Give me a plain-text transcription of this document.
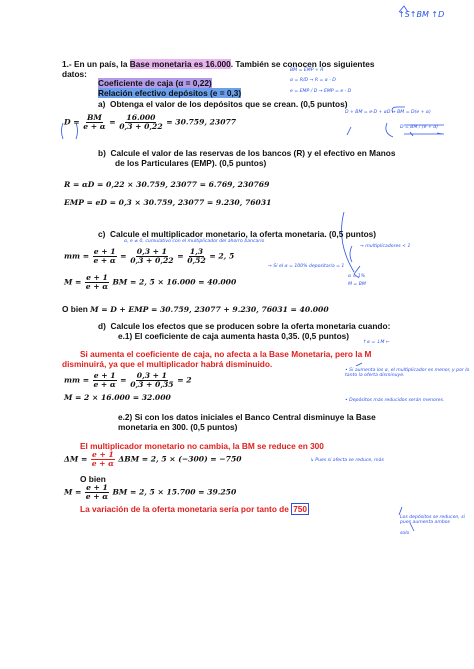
↑S↑BM ↑D
1.- En un país, la Base monetaria es 16.000. También se conocen los siguientes
datos:
Coeficiente de caja (α = 0,22)
Relación efectivo depósitos (e = 0,3)
a) Obtenga el valor de los depósitos que se crean. (0,5 puntos)
$D = \frac{BM}{e + \alpha} = \frac{16.000}{0,3 + 0,22} = 30.759$, 23077
b) Calcule el valor de las reservas de los bancos (R) y el efectivo en Manos
de los Particulares (EMP). (0,5 puntos)
R = αD = 0,22 × 30.759, 23077 = 6.769, 230769
EMP = eD = 0,3 × 30.759, 23077 = 9.230, 76031
c) Calcule el multiplicador monetario, la oferta monetaria. (0,5 puntos)
mm = $\frac{e + 1}{e + \alpha} = \frac{0,3 + 1}{0,3 + 0,22} = \frac{1,3}{0,52} = 2$, 5
$M = \frac{e + 1}{e + \alpha}$ BM = 2, 5 × 16.000 = 40.000
O bien M = D + EMP = 30.759, 23077 + 9.230, 76031 = 40.000
d) Calcule los efectos que se producen sobre la oferta monetaria cuando:
e.1) El coeficiente de caja aumenta hasta 0,35. (0,5 puntos)
Si aumenta el coeficiente de caja, no afecta a la Base Monetaria, pero la M
disminuirá, ya que el multiplicador habrá disminuido.
mm = $\frac{e + 1}{e + \alpha} = \frac{0,3 + 1}{0,3 + 0,35} = 2$
M = 2 × 16.000 = 32.000
e.2) Si con los datos iniciales el Banco Central disminuye la Base
monetaria en 300. (0,5 puntos)
El multiplicador monetario no cambia, la BM se reduce en 300
$\Delta M = \frac{e + 1}{e + \alpha}$ ΔBM = 2, 5 × (−300) = −750
O bien
$M = \frac{e + 1}{e + \alpha}$ BM = 2, 5 × 15.700 = 39.250
La variación de la oferta monetaria sería por tanto de 750
BM = EMP + R
α = R/D → R = α · D
e = EMP / D → EMP = e · D
D + BM = e·D + αD → BM = D(e + α)
D = BM / (e + α)
α, e ≠ 0, cumulativo con el multiplicador del ahorro bancario
→ multiplicadores < 1
→ Si el α = 100% depositaría = 1
α = 1%
M = BM
↑α = ↓M ←
• Si aumenta los α, el multiplicador es menor, y por lo tanto la oferta disminuye.
• Depósitos más reducidos serán menores.
↳ Pues si afecta se reduce, más
Los depósitos se reducen, si pues aumenta ambos
solo
